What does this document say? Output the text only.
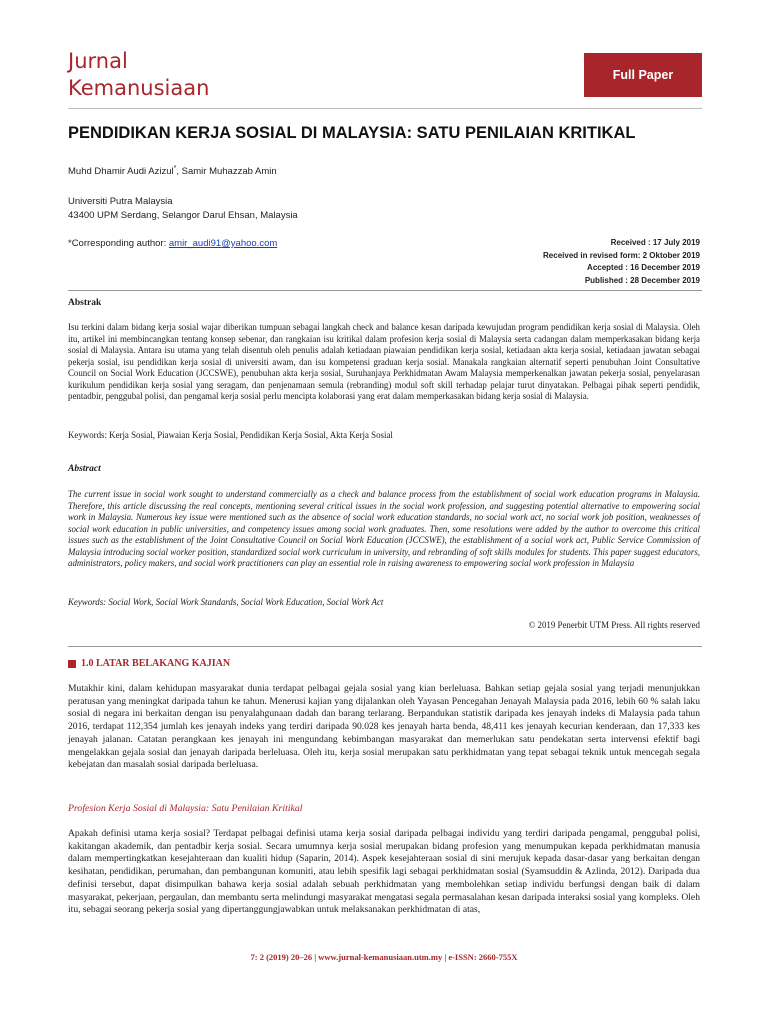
Jurnal
Kemanusiaan
Full Paper
PENDIDIKAN KERJA SOSIAL DI MALAYSIA: SATU PENILAIAN KRITIKAL
Muhd Dhamir Audi Azizul*, Samir Muhazzab Amin
Universiti Putra Malaysia
43400 UPM Serdang, Selangor Darul Ehsan, Malaysia
*Corresponding author: amir_audi91@yahoo.com	Received : 17 July 2019
Received in revised form: 2 Oktober 2019
Accepted : 16 December 2019
Published : 28 December 2019
Abstrak
Isu terkini dalam bidang kerja sosial wajar diberikan tumpuan sebagai langkah check and balance kesan daripada kewujudan program pendidikan kerja sosial di Malaysia. Oleh itu, artikel ini membincangkan tentang konsep sebenar, dan rangkaian isu kritikal dalam profesion kerja sosial di Malaysia serta cadangan dalam memperkasakan bidang kerja sosial di Malaysia. Antara isu utama yang telah disentuh oleh penulis adalah ketiadaan piawaian pendidikan kerja sosial, ketiadaan akta kerja sosial, ketiadaan jawatan sebagai pekerja sosial, isu pendidikan kerja sosial di universiti awam, dan isu kompetensi graduan kerja sosial. Manakala rangkaian alternatif seperti penubuhan Joint Consultative Council on Social Work Education (JCCSWE), penubuhan akta kerja sosial, Suruhanjaya Perkhidmatan Awam Malaysia memperkenalkan jawatan pekerja sosial, penyelarasan kurikulum pendidikan kerja sosial yang seragam, dan penjenamaan semula (rebranding) modul soft skill terhadap pelajar turut dinyatakan. Pelbagai pihak seperti pendidik, pentadbir, penggubal polisi, dan pengamal kerja sosial perlu mencipta kolaborasi yang erat dalam memperkasakan bidang kerja sosial di Malaysia.
Keywords: Kerja Sosial, Piawaian Kerja Sosial, Pendidikan Kerja Sosial, Akta Kerja Sosial
Abstract
The current issue in social work sought to understand commercially as a check and balance process from the establishment of social work education programs in Malaysia. Therefore, this article discussing the real concepts, mentioning several critical issues in the social work profession, and suggesting potential alternative to empowering social work in Malaysia. Numerous key issue were mentioned such as the absence of social work education standards, no social work act, no social work job position, weaknesses of social work education in public universities, and competency issues among social work graduates. Then, some resolutions were added by the author to overcome this critical issues such as the establishment of the Joint Consultative Council on Social Work Education (JCCSWE), the establishment of a social work act, Public Service Commission of Malaysia introducing social worker position, standardized social work curriculum in university, and rebranding of soft skills modules for students. This paper suggest educators, administrators, policy makers, and social work practitioners can play an essential role in raising awareness to empowering social work profession in Malaysia
Keywords: Social Work, Social Work Standards, Social Work Education, Social Work Act
© 2019 Penerbit UTM Press. All rights reserved
1.0 LATAR BELAKANG KAJIAN
Mutakhir kini, dalam kehidupan masyarakat dunia terdapat pelbagai gejala sosial yang kian berleluasa. Bahkan setiap gejala sosial yang terjadi menunjukkan peratusan yang meningkat daripada tahun ke tahun. Menerusi kajian yang dijalankan oleh Yayasan Pencegahan Jenayah Malaysia pada 2016, lebih 60 % salah laku sosial di negara ini berkaitan dengan isu penyalahgunaan dadah dan barang terlarang. Berpandukan statistik daripada kes jenayah indeks di Malaysia pada tahun 2016, terdapat 112,354 jumlah kes jenayah indeks yang terdiri daripada 90.028 kes jenayah harta benda, 48,411 kes jenayah kecurian kenderaan, dan 17,333 kes jenayah jalanan. Catatan perangkaan kes jenayah ini mengundang kebimbangan masyarakat dan memerlukan satu pendekatan serta intervensi efektif bagi mengelakkan gejala sosial dan jenayah daripada berleluasa. Oleh itu, kerja sosial merupakan satu perkhidmatan yang tepat sebagai teknik untuk mencegah segala kebejatan dan masalah sosial daripada berleluasa.
Profesion Kerja Sosial di Malaysia: Satu Penilaian Kritikal
Apakah definisi utama kerja sosial? Terdapat pelbagai definisi utama kerja sosial daripada pelbagai individu yang terdiri daripada pengamal, penggubal polisi, kakitangan akademik, dan pentadbir kerja sosial. Secara umumnya kerja sosial merupakan bidang profesion yang menumpukan kepada perkhidmatan manusia dalam mempertingkatkan kesejahteraan dan kualiti hidup (Saparin, 2014). Aspek kesejahteraan sosial di sini merujuk kepada dasar-dasar yang berkaitan dengan kesihatan, pendidikan, perumahan, dan pembangunan komuniti, atau lebih spesifik lagi sebagai perkhidmatan sosial (Syamsuddin & Azlinda, 2012). Daripada dua definisi tersebut, dapat disimpulkan bahawa kerja sosial adalah sebuah perkhidmatan yang membolehkan setiap individu berfungsi dengan baik di dalam masyarakat, pekerjaan, pergaulan, dan membantu serta melindungi masyarakat mengatasi segala permasalahan kesan daripada interaksi sosial yang kompleks. Oleh itu, sebagai seorang pekerja sosial yang dipertanggungjawabkan untuk melaksanakan perkhidmatan di atas,
7: 2 (2019) 20–26 | www.jurnal-kemanusiaan.utm.my | e-ISSN: 2660-755X
